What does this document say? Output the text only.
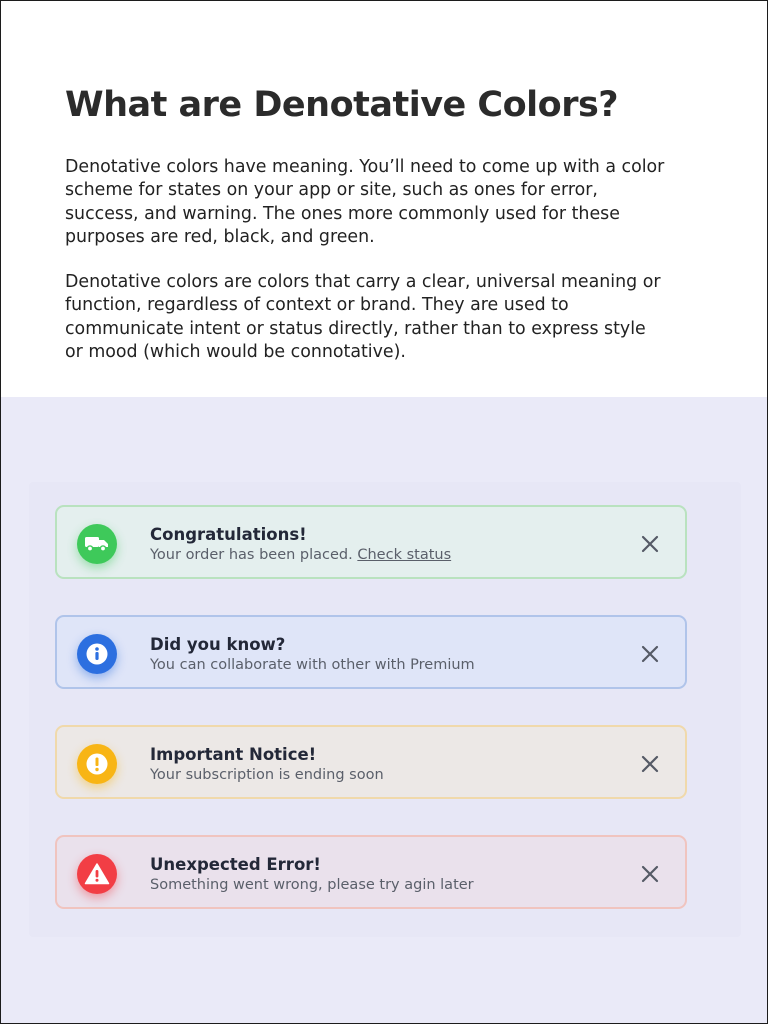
What are Denotative Colors?

Denotative colors have meaning. You’ll need to come up with a color scheme for states on your app or site, such as ones for error, success, and warning. The ones more commonly used for these purposes are red, black, and green.

Denotative colors are colors that carry a clear, universal meaning or function, regardless of context or brand. They are used to communicate intent or status directly, rather than to express style or mood (which would be connotative).

Congratulations!
Your order has been placed. Check status
Did you know?
You can collaborate with other with Premium
Important Notice!
Your subscription is ending soon
Unexpected Error!
Something went wrong, please try agin later
